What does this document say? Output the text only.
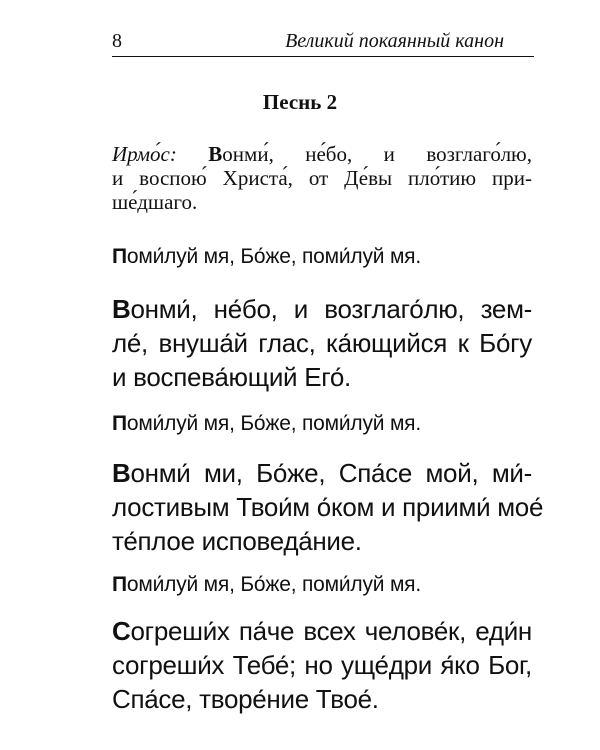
8	Великий покаянный канон
Песнь 2
Ирмо́с: Вонми́, не́бо, и возглаго́лю,
и воспою́ Христа́, от Де́вы пло́тию при-
ше́дшаго.
Поми́луй мя, Бо́же, поми́луй мя.
Вонми́, не́бо, и возглаго́лю, зем-
ле́, внуша́й глас, ка́ющийся к Бо́гу
и воспева́ющий Его́.
Поми́луй мя, Бо́же, поми́луй мя.
Вонми́ ми, Бо́же, Спа́се мой, ми́-
лостивым Твои́м о́ком и приими́ мое́
те́плое исповеда́ние.
Поми́луй мя, Бо́же, поми́луй мя.
Согреши́х па́че всех челове́к, еди́н
согреши́х Тебе́; но уще́дри я́ко Бог,
Спа́се, творе́ние Твое́.
